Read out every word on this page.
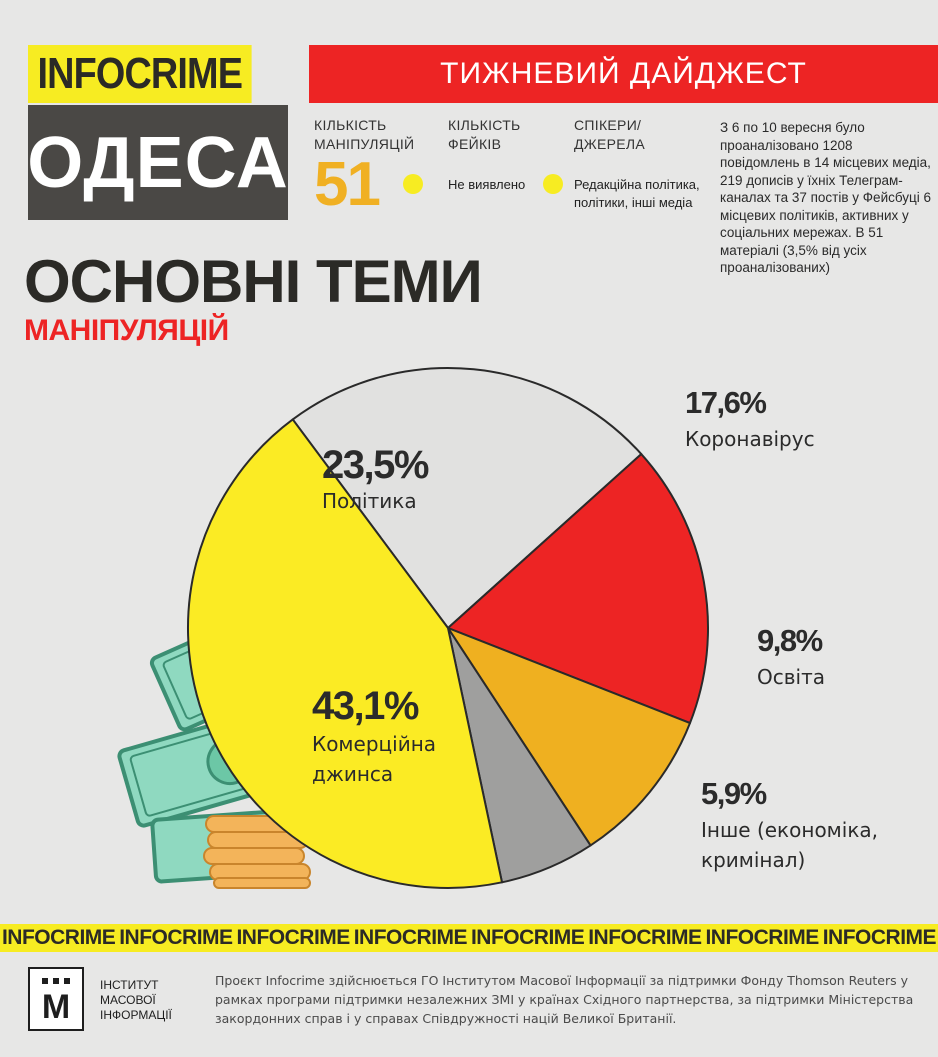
INFOCRIME
ОДЕСА
ТИЖНЕВИЙ ДАЙДЖЕСТ
КІЛЬКІСТЬ
МАНІПУЛЯЦІЙ
51
КІЛЬКІСТЬ
ФЕЙКІВ
Не виявлено
СПІКЕРИ/
ДЖЕРЕЛА
Редакційна політика,
політики, інші медіа
З 6 по 10 вересня було проаналізовано 1208 повідомлень в 14 місцевих медіа, 219 дописів у їхніх Телеграм-каналах та 37 постів у Фейсбуці 6 місцевих політиків, активних у соціальних мережах. В 51 матеріалі (3,5% від усіх проаналізованих)
ОСНОВНІ ТЕМИ
МАНІПУЛЯЦІЙ
23,5%
Політика
17,6%
Коронавірус
9,8%
Освіта
5,9%
Інше (економіка,
кримінал)
43,1%
Комерційна
джинса
INFOCRIME INFOCRIME INFOCRIME INFOCRIME INFOCRIME INFOCRIME INFOCRIME INFOCRIME
М
ІНСТИТУТ
МАСОВОЇ
ІНФОРМАЦІЇ
Проєкт Infocrime здійснюється ГО Інститутом Масової Інформації за підтримки Фонду Thomson Reuters у рамках програми підтримки незалежних ЗМІ у країнах Східного партнерства, за підтримки Міністерства закордонних справ і у справах Співдружності націй Великої Британії.
